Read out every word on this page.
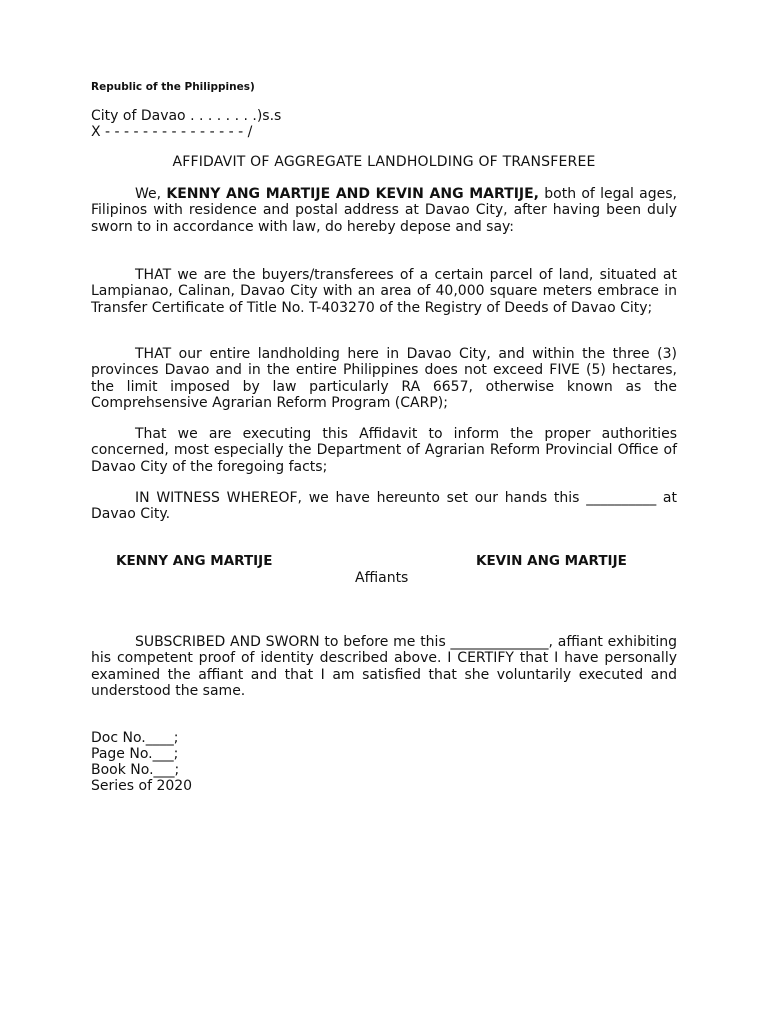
Republic of the Philippines)
City of Davao . . . . . . . .)s.s
X - - - - - - - - - - - - - - - /
AFFIDAVIT OF AGGREGATE LANDHOLDING OF TRANSFEREE
We, KENNY ANG MARTIJE AND KEVIN ANG MARTIJE, both of legal ages, Filipinos with residence and postal address at Davao City, after having been duly sworn to in accordance with law, do hereby depose and say:
THAT we are the buyers/transferees of a certain parcel of land, situated at Lampianao, Calinan, Davao City with an area of 40,000 square meters embrace in Transfer Certificate of Title No. T-403270 of the Registry of Deeds of Davao City;
THAT our entire landholding here in Davao City, and within the three (3) provinces Davao and in the entire Philippines does not exceed FIVE (5) hectares, the limit imposed by law particularly RA 6657, otherwise known as the Comprehsensive Agrarian Reform Program (CARP);
That we are executing this Affidavit to inform the proper authorities concerned, most especially the Department of Agrarian Reform Provincial Office of Davao City of the foregoing facts;
IN WITNESS WHEREOF, we have hereunto set our hands this __________ at Davao City.
KENNY ANG MARTIJE	KEVIN ANG MARTIJE
Affiants
SUBSCRIBED AND SWORN to before me this ______________, affiant exhibiting his competent proof of identity described above. I CERTIFY that I have personally examined the affiant and that I am satisfied that she voluntarily executed and understood the same.
Doc No.____;
Page No.___;
Book No.___;
Series of 2020
